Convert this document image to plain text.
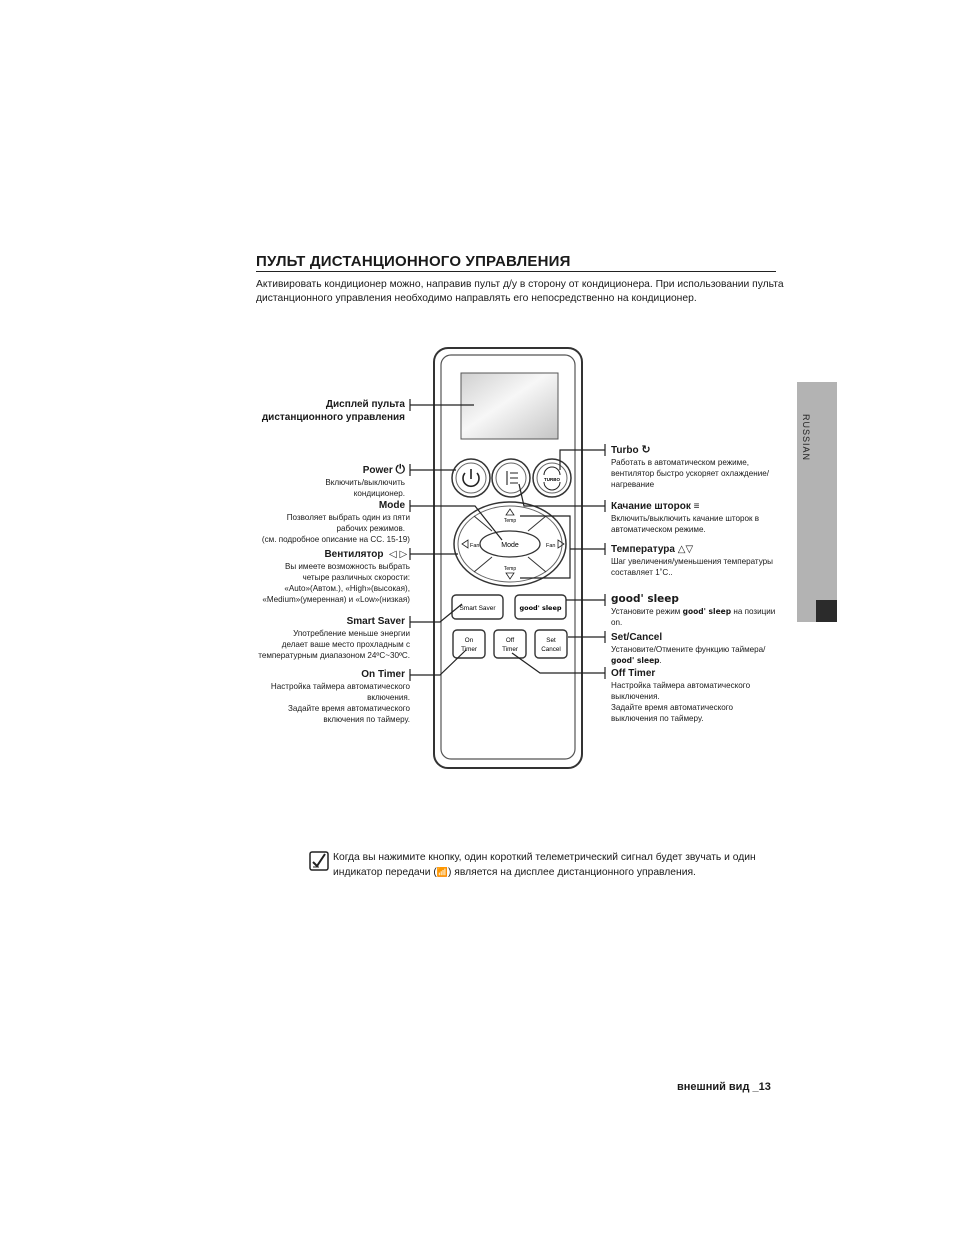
ПУЛЬТ ДИСТАНЦИОННОГО УПРАВЛЕНИЯ
Активировать кондиционер можно, направив пульт д/у в сторону от кондиционера. При использовании пульта дистанционного управления необходимо направлять его непосредственно на кондиционер.
RUSSIAN
TURBO
Mode
Temp
Temp
Fan	Fan
Smart Saver	good' sleep
On
Timer
Off
Timer
Set
Cancel
Дисплей пульта
дистанционного управления
Power ⏻
Включить/выключить
кондиционер.
Mode
Позволяет выбрать один из пяти
рабочих режимов.
(см. подробное описание на СС. 15-19)
Вентилятор  ◁ ▷
Вы имеете возможность выбрать
четыре различных скорости:
«Auto»(Автом.), «High»(высокая),
«Medium»(умеренная) и «Low»(низкая)
Smart Saver
Употребление меньше энергии
делает ваше место прохладным с
температурным диапазоном 24ºC~30ºC.
On Timer
Настройка таймера автоматического
включения.
Задайте время автоматического
включения по таймеру.
Turbo ↻
Работать в автоматическом режиме,
вентилятор быстро ускоряет охлаждение/
нагревание
Качание шторок ≡
Включить/выключить качание шторок в
автоматическом режиме.
Температура △▽
Шаг увеличения/уменьшения температуры
составляет 1˚C..
good' sleep
Установите режим good' sleep на позиции
on.
Set/Cancel
Установите/Отмените функцию таймера/
good' sleep.
Off Timer
Настройка таймера автоматического
выключения.
Задайте время автоматического
выключения по таймеру.
Когда вы нажимите кнопку, один короткий телеметрический сигнал будет звучать и один
индикатор передачи (📶) является на дисплее дистанционного управления.
внешний вид _13
